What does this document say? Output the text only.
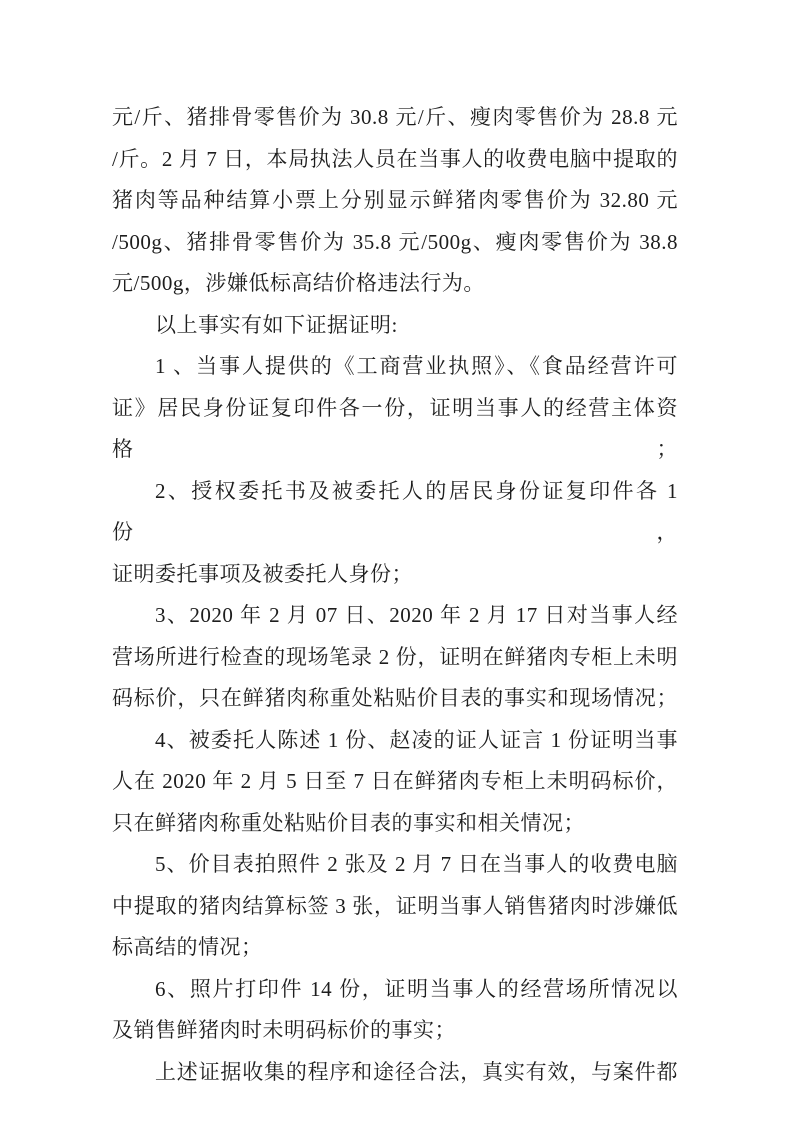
元/斤、猪排骨零售价为 30.8 元/斤、瘦肉零售价为 28.8 元
/斤。2 月 7 日，本局执法人员在当事人的收费电脑中提取的
猪肉等品种结算小票上分别显示鲜猪肉零售价为 32.80 元
/500g、猪排骨零售价为 35.8 元/500g、瘦肉零售价为 38.8
元/500g，涉嫌低标高结价格违法行为。
以上事实有如下证据证明:
1 、当事人提供的《工商营业执照》、《食品经营许可
证》居民身份证复印件各一份，证明当事人的经营主体资格；
2、授权委托书及被委托人的居民身份证复印件各 1 份，
证明委托事项及被委托人身份；
3、2020 年 2 月 07 日、2020 年 2 月 17 日对当事人经
营场所进行检查的现场笔录 2 份，证明在鲜猪肉专柜上未明
码标价，只在鲜猪肉称重处粘贴价目表的事实和现场情况；
4、被委托人陈述 1 份、赵凌的证人证言 1 份证明当事
人在 2020 年 2 月 5 日至 7 日在鲜猪肉专柜上未明码标价，
只在鲜猪肉称重处粘贴价目表的事实和相关情况；
5、价目表拍照件 2 张及 2 月 7 日在当事人的收费电脑
中提取的猪肉结算标签 3 张，证明当事人销售猪肉时涉嫌低
标高结的情况；
6、照片打印件 14 份，证明当事人的经营场所情况以
及销售鲜猪肉时未明码标价的事实；
上述证据收集的程序和途径合法，真实有效，与案件都
